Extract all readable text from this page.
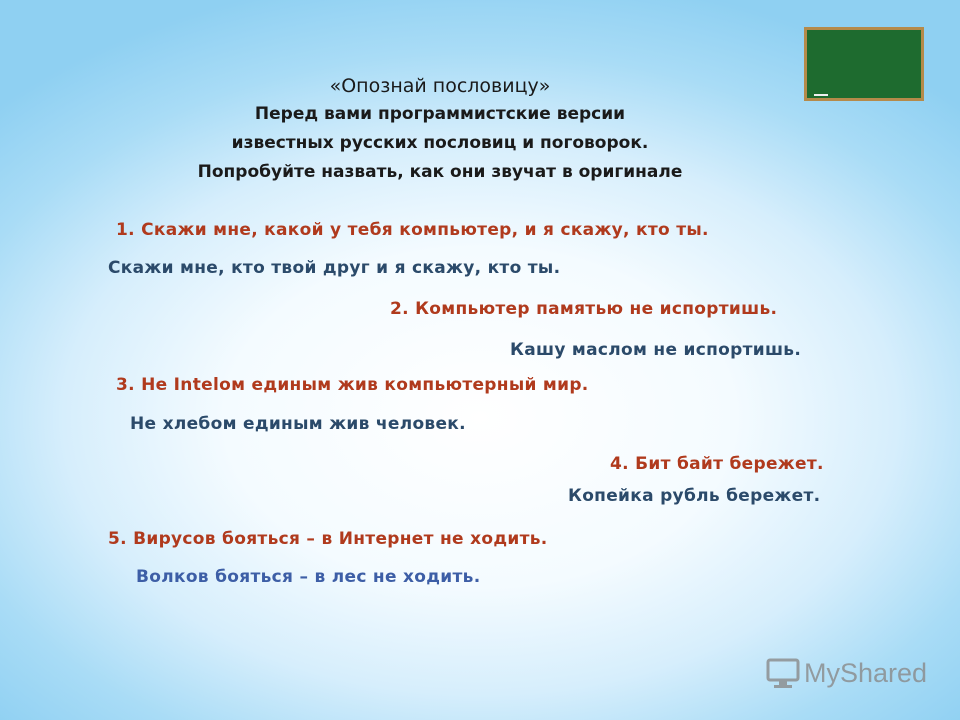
«Опознай пословицу»
Перед вами программистские версии
известных русских пословиц и поговорок.
Попробуйте назвать, как они звучат в оригинале
1. Скажи мне, какой у тебя компьютер, и я скажу, кто ты.
Скажи мне, кто твой друг и я скажу, кто ты.
2. Компьютер памятью не испортишь.
Кашу маслом не испортишь.
3. Не Intelом единым жив компьютерный мир.
Не хлебом единым жив человек.
4. Бит байт бережет.
Копейка рубль бережет.
5. Вирусов бояться – в Интернет не ходить.
Волков бояться – в лес не ходить.
MyShared
